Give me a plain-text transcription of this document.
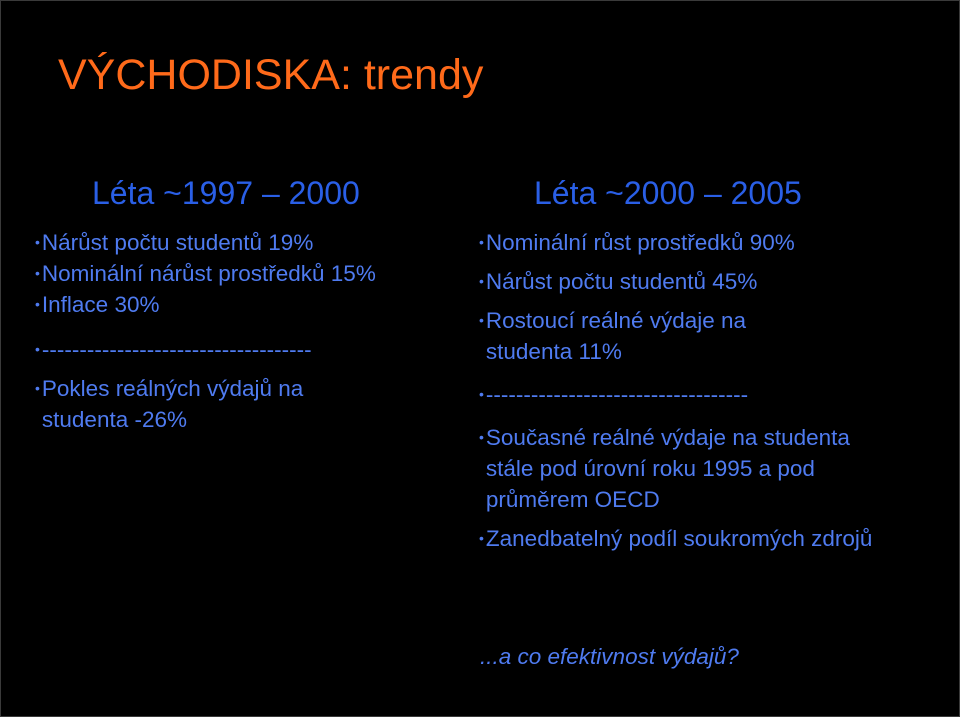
VÝCHODISKA: trendy
Léta ~1997 – 2000	Léta ~2000 – 2005

•Nárůst počtu studentů 19%

•Nominální nárůst prostředků 15%

•Inflace 30%

•------------------------------------

•Pokles reálných výdajů na studenta -26%

•Nominální růst prostředků 90%

•Nárůst počtu studentů 45%

•Rostoucí reálné výdaje na studenta 11%

•-----------------------------------

•Současné reálné výdaje na studenta stále pod úrovní roku 1995 a pod průměrem OECD

•Zanedbatelný podíl soukromých zdrojů

...a co efektivnost výdajů?
